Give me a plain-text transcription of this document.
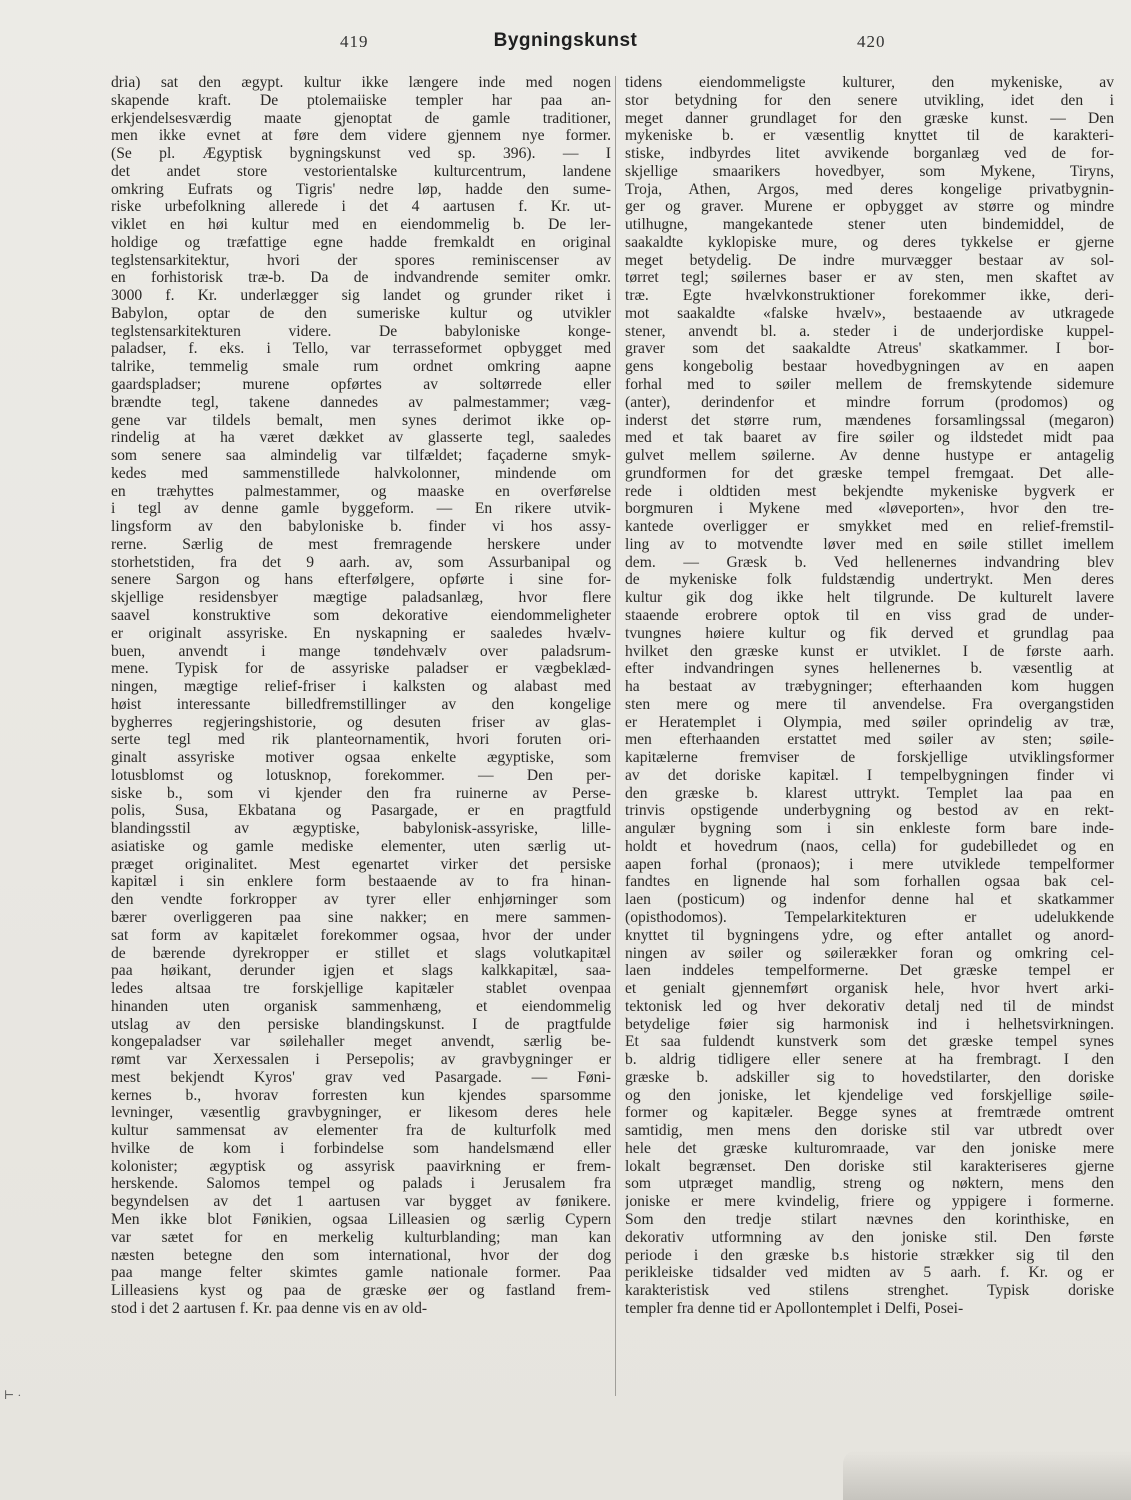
419	Bygningskunst	420
dria) sat den ægypt. kultur ikke længere inde med nogen
skapende kraft. De ptolemaiiske templer har paa an-
erkjendelsesværdig maate gjenoptat de gamle traditioner,
men ikke evnet at føre dem videre gjennem nye former.
(Se pl. Ægyptisk bygningskunst ved sp. 396). — I
det andet store vestorientalske kulturcentrum, landene
omkring Eufrats og Tigris' nedre løp, hadde den sume-
riske urbefolkning allerede i det 4 aartusen f. Kr. ut-
viklet en høi kultur med en eiendommelig b. De ler-
holdige og træfattige egne hadde fremkaldt en original
teglstensarkitektur, hvori der spores reminiscenser av
en forhistorisk træ-b. Da de indvandrende semiter omkr.
3000 f. Kr. underlægger sig landet og grunder riket i
Babylon, optar de den sumeriske kultur og utvikler
teglstensarkitekturen videre. De babyloniske konge-
paladser, f. eks. i Tello, var terrasseformet opbygget med
talrike, temmelig smale rum ordnet omkring aapne
gaardspladser; murene opførtes av soltørrede eller
brændte tegl, takene dannedes av palmestammer; væg-
gene var tildels bemalt, men synes derimot ikke op-
rindelig at ha været dækket av glasserte tegl, saaledes
som senere saa almindelig var tilfældet; façaderne smyk-
kedes med sammenstillede halvkolonner, mindende om
en træhyttes palmestammer, og maaske en overførelse
i tegl av denne gamle byggeform. — En rikere utvik-
lingsform av den babyloniske b. finder vi hos assy-
rerne. Særlig de mest fremragende herskere under
storhetstiden, fra det 9 aarh. av, som Assurbanipal og
senere Sargon og hans efterfølgere, opførte i sine for-
skjellige residensbyer mægtige paladsanlæg, hvor flere
saavel konstruktive som dekorative eiendommeligheter
er originalt assyriske. En nyskapning er saaledes hvælv-
buen, anvendt i mange tøndehvælv over paladsrum-
mene. Typisk for de assyriske paladser er vægbeklæd-
ningen, mægtige relief-friser i kalksten og alabast med
høist interessante billedfremstillinger av den kongelige
bygherres regjeringshistorie, og desuten friser av glas-
serte tegl med rik planteornamentik, hvori foruten ori-
ginalt assyriske motiver ogsaa enkelte ægyptiske, som
lotusblomst og lotusknop, forekommer. — Den per-
siske b., som vi kjender den fra ruinerne av Perse-
polis, Susa, Ekbatana og Pasargade, er en pragtfuld
blandingsstil av ægyptiske, babylonisk-assyriske, lille-
asiatiske og gamle mediske elementer, uten særlig ut-
præget originalitet. Mest egenartet virker det persiske
kapitæl i sin enklere form bestaaende av to fra hinan-
den vendte forkropper av tyrer eller enhjørninger som
bærer overliggeren paa sine nakker; en mere sammen-
sat form av kapitælet forekommer ogsaa, hvor der under
de bærende dyrekropper er stillet et slags volutkapitæl
paa høikant, derunder igjen et slags kalkkapitæl, saa-
ledes altsaa tre forskjellige kapitæler stablet ovenpaa
hinanden uten organisk sammenhæng, et eiendommelig
utslag av den persiske blandingskunst. I de pragtfulde
kongepaladser var søilehaller meget anvendt, særlig be-
rømt var Xerxessalen i Persepolis; av gravbygninger er
mest bekjendt Kyros' grav ved Pasargade. — Føni-
kernes b., hvorav forresten kun kjendes sparsomme
levninger, væsentlig gravbygninger, er likesom deres hele
kultur sammensat av elementer fra de kulturfolk med
hvilke de kom i forbindelse som handelsmænd eller
kolonister; ægyptisk og assyrisk paavirkning er frem-
herskende. Salomos tempel og palads i Jerusalem fra
begyndelsen av det 1 aartusen var bygget av fønikere.
Men ikke blot Fønikien, ogsaa Lilleasien og særlig Cypern
var sætet for en merkelig kulturblanding; man kan
næsten betegne den som international, hvor der dog
paa mange felter skimtes gamle nationale former. Paa
Lilleasiens kyst og paa de græske øer og fastland frem-
stod i det 2 aartusen f. Kr. paa denne vis en av old-
tidens eiendommeligste kulturer, den mykeniske, av
stor betydning for den senere utvikling, idet den i
meget danner grundlaget for den græske kunst. — Den
mykeniske b. er væsentlig knyttet til de karakteri-
stiske, indbyrdes litet avvikende borganlæg ved de for-
skjellige smaarikers hovedbyer, som Mykene, Tiryns,
Troja, Athen, Argos, med deres kongelige privatbygnin-
ger og graver. Murene er opbygget av større og mindre
utilhugne, mangekantede stener uten bindemiddel, de
saakaldte kyklopiske mure, og deres tykkelse er gjerne
meget betydelig. De indre murvægger bestaar av sol-
tørret tegl; søilernes baser er av sten, men skaftet av
træ. Egte hvælvkonstruktioner forekommer ikke, deri-
mot saakaldte «falske hvælv», bestaaende av utkragede
stener, anvendt bl. a. steder i de underjordiske kuppel-
graver som det saakaldte Atreus' skatkammer. I bor-
gens kongebolig bestaar hovedbygningen av en aapen
forhal med to søiler mellem de fremskytende sidemure
(anter), derindenfor et mindre forrum (prodomos) og
inderst det større rum, mændenes forsamlingssal (megaron)
med et tak baaret av fire søiler og ildstedet midt paa
gulvet mellem søilerne. Av denne hustype er antagelig
grundformen for det græske tempel fremgaat. Det alle-
rede i oldtiden mest bekjendte mykeniske bygverk er
borgmuren i Mykene med «løveporten», hvor den tre-
kantede overligger er smykket med en relief-fremstil-
ling av to motvendte løver med en søile stillet imellem
dem. — Græsk b. Ved hellenernes indvandring blev
de mykeniske folk fuldstændig undertrykt. Men deres
kultur gik dog ikke helt tilgrunde. De kulturelt lavere
staaende erobrere optok til en viss grad de under-
tvungnes høiere kultur og fik derved et grundlag paa
hvilket den græske kunst er utviklet. I de første aarh.
efter indvandringen synes hellenernes b. væsentlig at
ha bestaat av træbygninger; efterhaanden kom huggen
sten mere og mere til anvendelse. Fra overgangstiden
er Heratemplet i Olympia, med søiler oprindelig av træ,
men efterhaanden erstattet med søiler av sten; søile-
kapitælerne fremviser de forskjellige utviklingsformer
av det doriske kapitæl. I tempelbygningen finder vi
den græske b. klarest uttrykt. Templet laa paa en
trinvis opstigende underbygning og bestod av en rekt-
angulær bygning som i sin enkleste form bare inde-
holdt et hovedrum (naos, cella) for gudebilledet og en
aapen forhal (pronaos); i mere utviklede tempelformer
fandtes en lignende hal som forhallen ogsaa bak cel-
laen (posticum) og indenfor denne hal et skatkammer
(opisthodomos). Tempelarkitekturen er udelukkende
knyttet til bygningens ydre, og efter antallet og anord-
ningen av søiler og søilerækker foran og omkring cel-
laen inddeles tempelformerne. Det græske tempel er
et genialt gjennemført organisk hele, hvor hvert arki-
tektonisk led og hver dekorativ detalj ned til de mindst
betydelige føier sig harmonisk ind i helhetsvirkningen.
Et saa fuldendt kunstverk som det græske tempel synes
b. aldrig tidligere eller senere at ha frembragt. I den
græske b. adskiller sig to hovedstilarter, den doriske
og den joniske, let kjendelige ved forskjellige søile-
former og kapitæler. Begge synes at fremtræde omtrent
samtidig, men mens den doriske stil var utbredt over
hele det græske kulturomraade, var den joniske mere
lokalt begrænset. Den doriske stil karakteriseres gjerne
som utpræget mandlig, streng og nøktern, mens den
joniske er mere kvindelig, friere og yppigere i formerne.
Som den tredje stilart nævnes den korinthiske, en
dekorativ utformning av den joniske stil. Den første
periode i den græske b.s historie strækker sig til den
perikleiske tidsalder ved midten av 5 aarh. f. Kr. og er
karakteristisk ved stilens strenghet. Typisk doriske
templer fra denne tid er Apollontemplet i Delfi, Posei-
⊢ ·
